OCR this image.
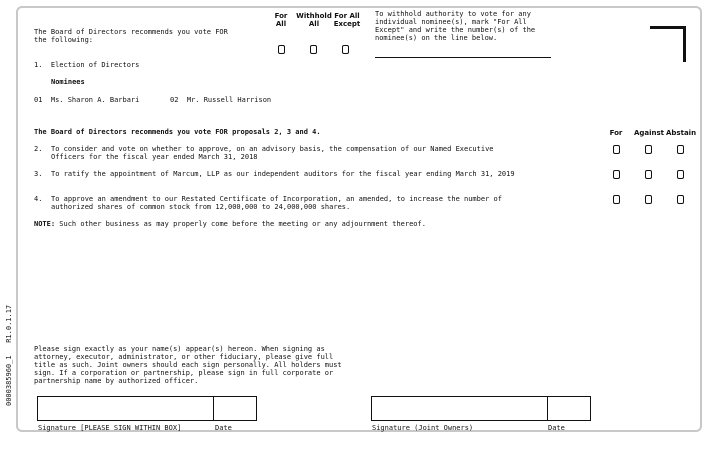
0000385960_1   R1.0.1.17
The Board of Directors recommends you vote FOR
the following:
For
All
Withhold
All
For All
Except
To withhold authority to vote for any
individual nominee(s), mark "For All
Except" and write the number(s) of the
nominee(s) on the line below.
1.  Election of Directors
Nominees
01  Ms. Sharon A. Barbari	02  Mr. Russell Harrison
The Board of Directors recommends you vote FOR proposals 2, 3 and 4.	For	Against Abstain
2. To consider and vote on whether to approve, on an advisory basis, the compensation of our Named Executive
Officers for the fiscal year ended March 31, 2018
3. To ratify the appointment of Marcum, LLP as our independent auditors for the fiscal year ending March 31, 2019
4. To approve an amendment to our Restated Certificate of Incorporation, an amended, to increase the number of
authorized shares of common stock from 12,000,000 to 24,000,000 shares.
NOTE: Such other business as may properly come before the meeting or any adjournment thereof.
Please sign exactly as your name(s) appear(s) hereon. When signing as
attorney, executor, administrator, or other fiduciary, please give full
title as such. Joint owners should each sign personally. All holders must
sign. If a corporation or partnership, please sign in full corporate or
partnership name by authorized officer.
Signature [PLEASE SIGN WITHIN BOX]	Date	Signature (Joint Owners)	Date
